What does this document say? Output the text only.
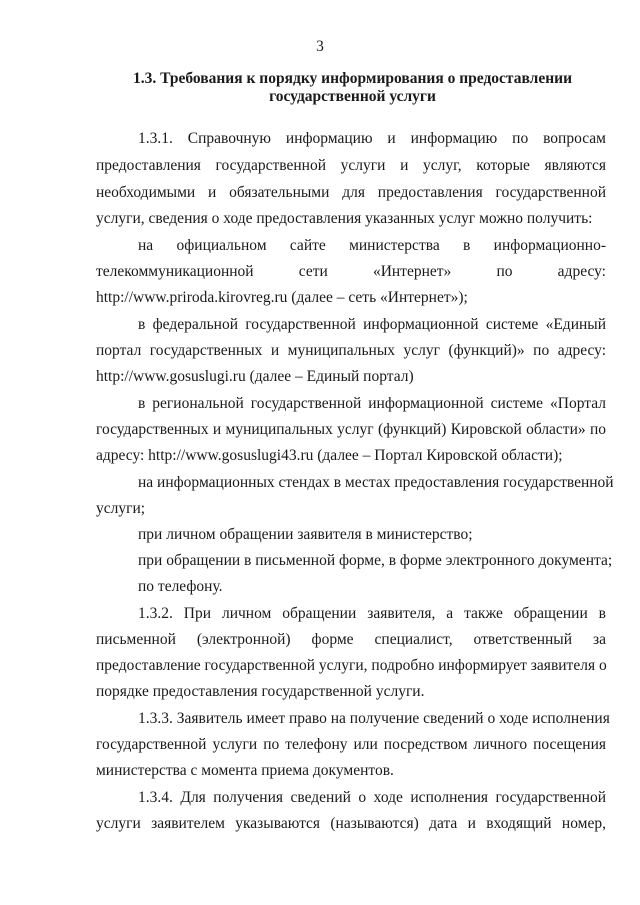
3
1.3. Требования к порядку информирования о предоставлении
государственной услуги
1.3.1. Справочную информацию и информацию по вопросам
предоставления государственной услуги и услуг, которые являются
необходимыми и обязательными для предоставления государственной
услуги, сведения о ходе предоставления указанных услуг можно получить:
на официальном сайте министерства в информационно-
телекоммуникационной сети «Интернет» по адресу:
http://www.priroda.kirovreg.ru (далее – сеть «Интернет»);
в федеральной государственной информационной системе «Единый
портал государственных и муниципальных услуг (функций)» по адресу:
http://www.gosuslugi.ru (далее – Единый портал)
в региональной государственной информационной системе «Портал
государственных и муниципальных услуг (функций) Кировской области» по
адресу: http://www.gosuslugi43.ru (далее – Портал Кировской области);
на информационных стендах в местах предоставления государственной
услуги;
при личном обращении заявителя в министерство;
при обращении в письменной форме, в форме электронного документа;
по телефону.
1.3.2. При личном обращении заявителя, а также обращении в
письменной (электронной) форме специалист, ответственный за
предоставление государственной услуги, подробно информирует заявителя о
порядке предоставления государственной услуги.
1.3.3. Заявитель имеет право на получение сведений о ходе исполнения
государственной услуги по телефону или посредством личного посещения
министерства с момента приема документов.
1.3.4. Для получения сведений о ходе исполнения государственной
услуги заявителем указываются (называются) дата и входящий номер,
